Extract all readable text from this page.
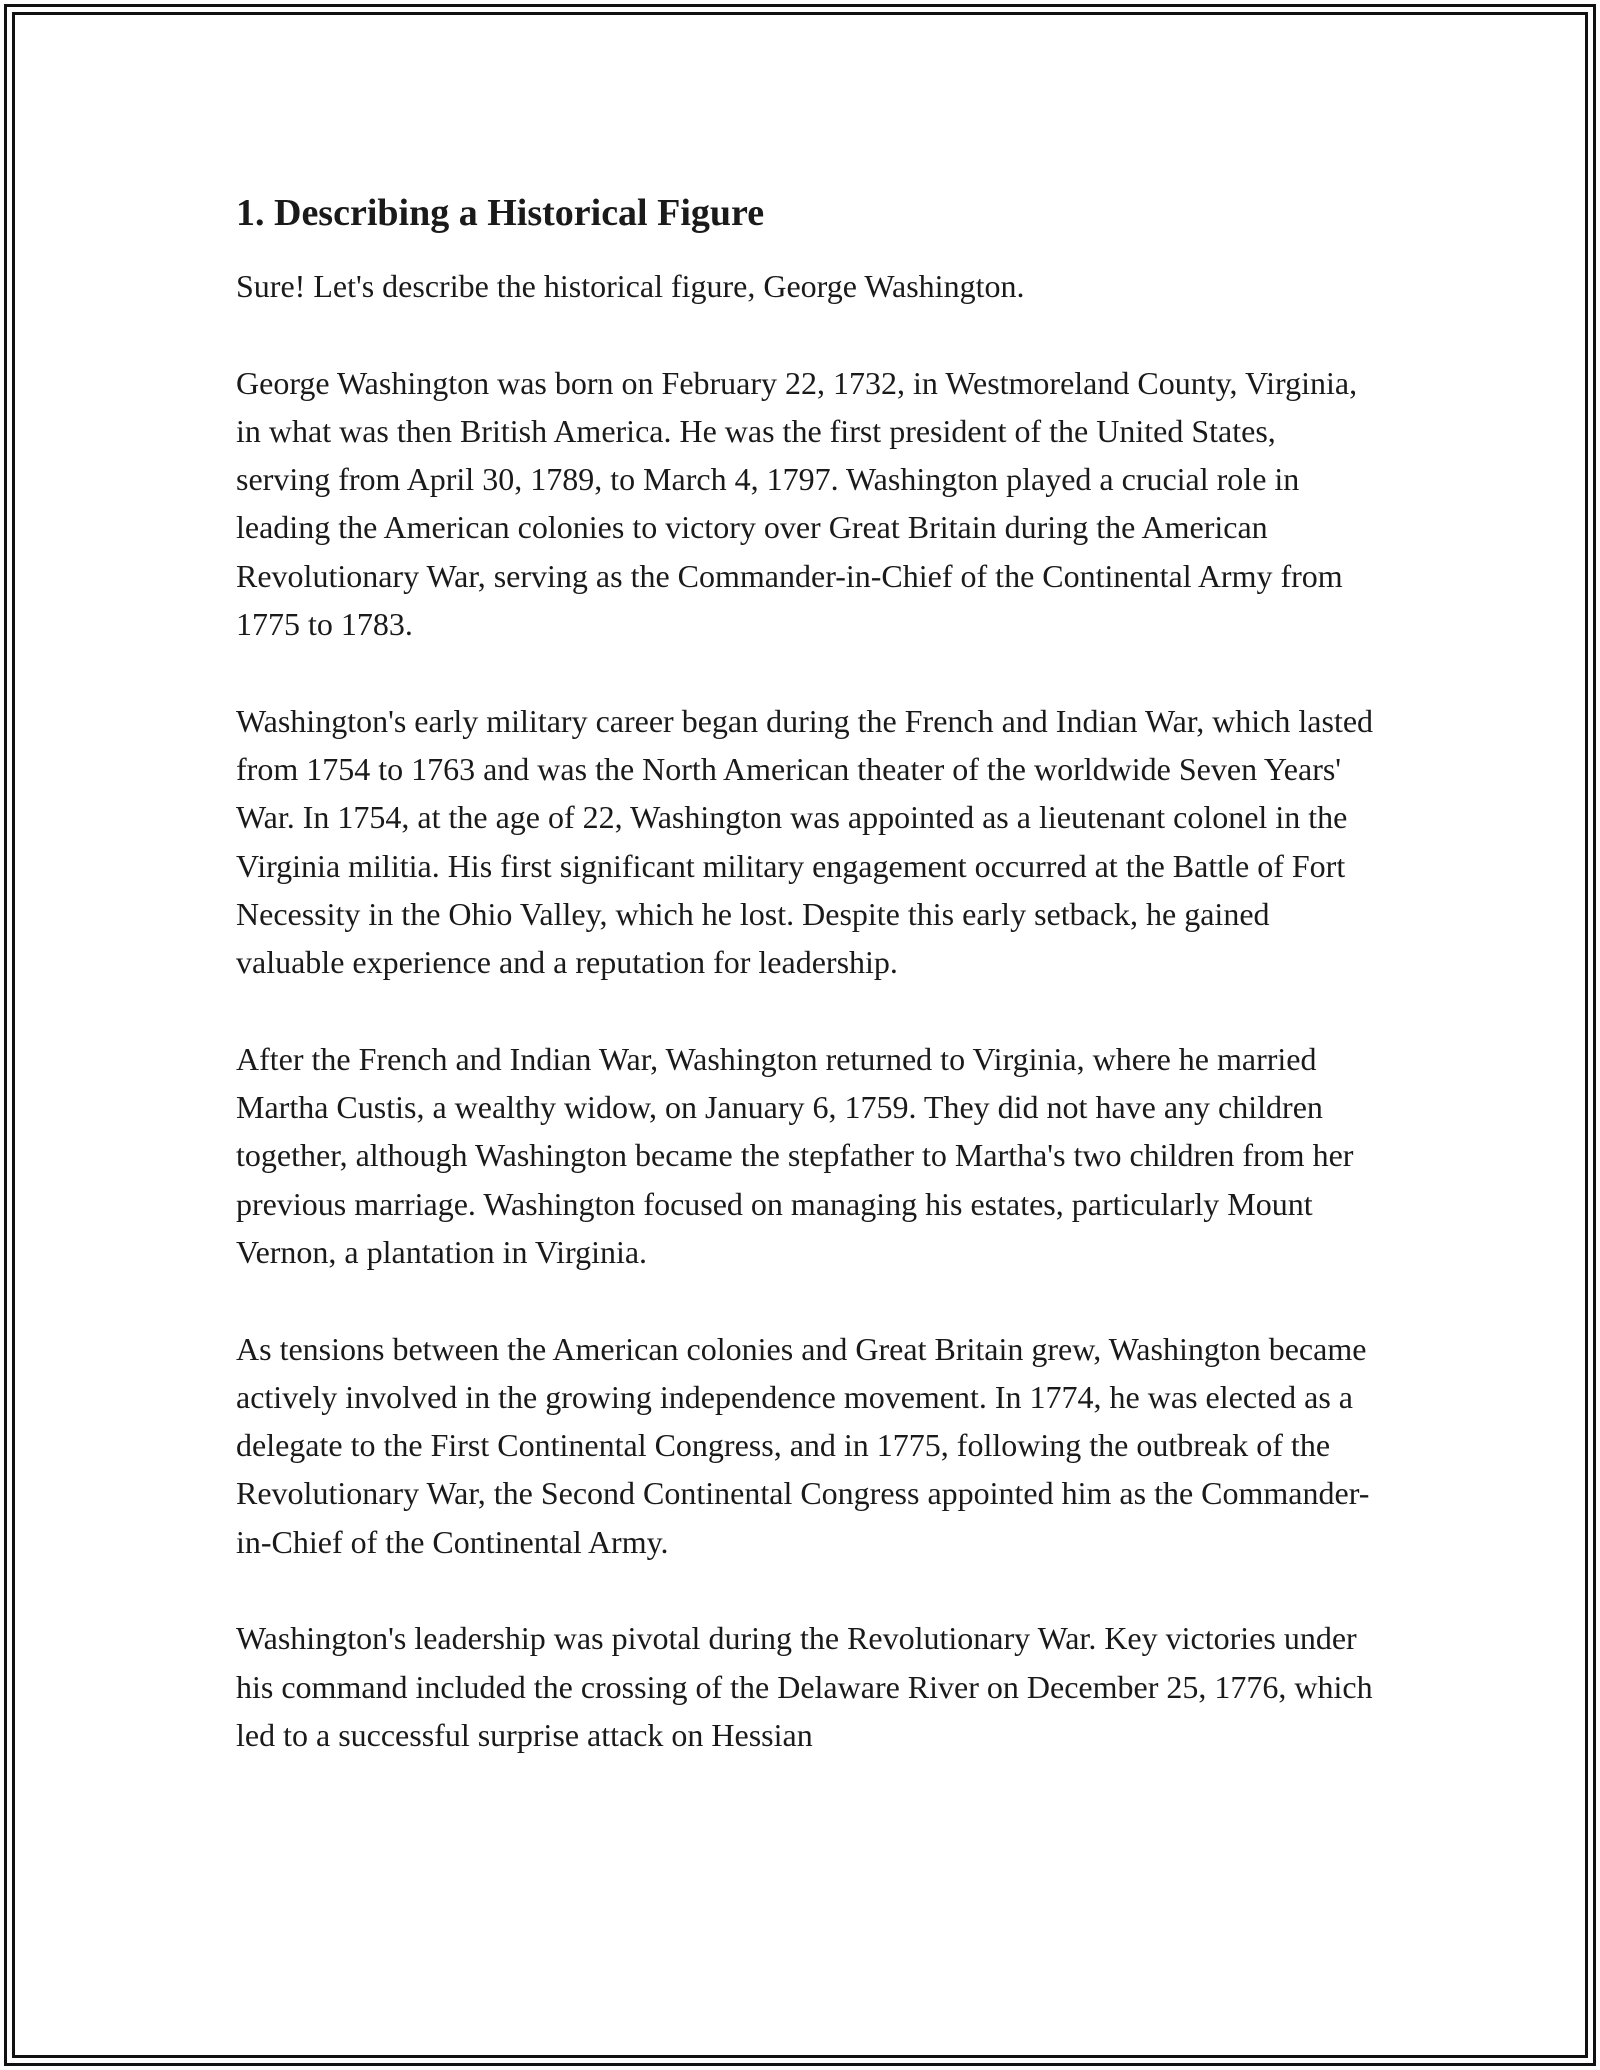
1. Describing a Historical Figure

Sure! Let's describe the historical figure, George Washington.

George Washington was born on February 22, 1732, in Westmoreland County, Virginia, in what was then British America. He was the first president of the United States, serving from April 30, 1789, to March 4, 1797. Washington played a crucial role in leading the American colonies to victory over Great Britain during the American Revolutionary War, serving as the Commander-in-Chief of the Continental Army from 1775 to 1783.

Washington's early military career began during the French and Indian War, which lasted from 1754 to 1763 and was the North American theater of the worldwide Seven Years' War. In 1754, at the age of 22, Washington was appointed as a lieutenant colonel in the Virginia militia. His first significant military engagement occurred at the Battle of Fort Necessity in the Ohio Valley, which he lost. Despite this early setback, he gained valuable experience and a reputation for leadership.

After the French and Indian War, Washington returned to Virginia, where he married Martha Custis, a wealthy widow, on January 6, 1759. They did not have any children together, although Washington became the stepfather to Martha's two children from her previous marriage. Washington focused on managing his estates, particularly Mount Vernon, a plantation in Virginia.

As tensions between the American colonies and Great Britain grew, Washington became actively involved in the growing independence movement. In 1774, he was elected as a delegate to the First Continental Congress, and in 1775, following the outbreak of the Revolutionary War, the Second Continental Congress appointed him as the Commander-in-Chief of the Continental Army.

Washington's leadership was pivotal during the Revolutionary War. Key victories under his command included the crossing of the Delaware River on December 25, 1776, which led to a successful surprise attack on Hessian
